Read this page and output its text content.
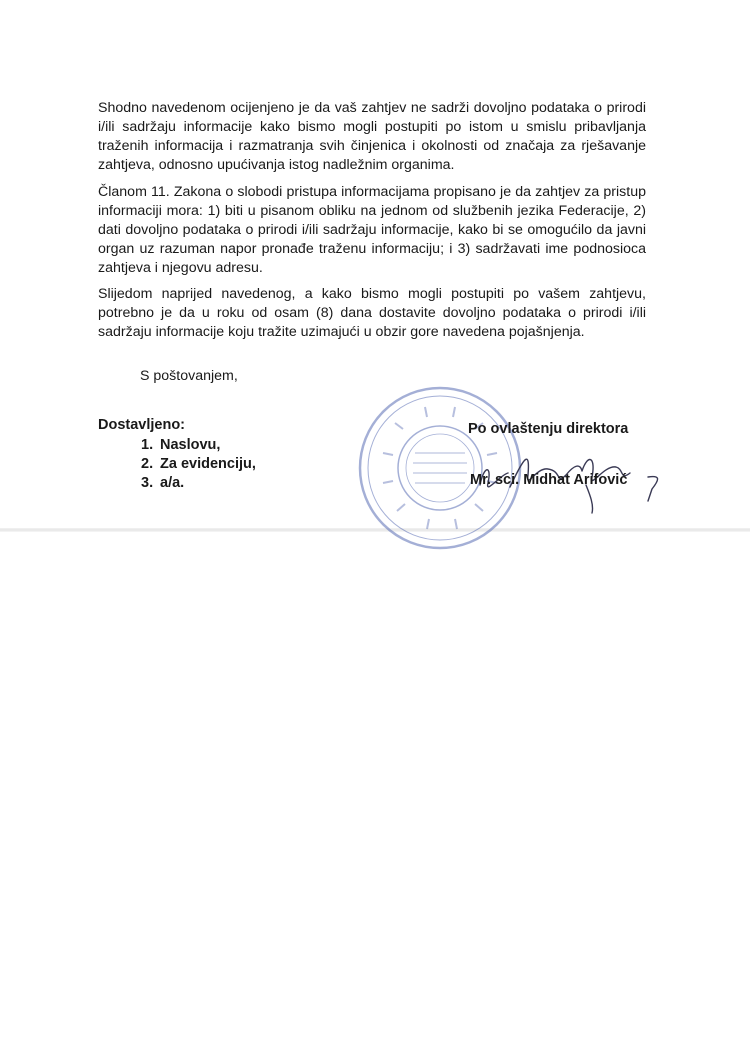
Shodno navedenom ocijenjeno je da vaš zahtjev ne sadrži dovoljno podataka o prirodi i/ili sadržaju informacije kako bismo mogli postupiti po istom u smislu pribavljanja traženih informacija i razmatranja svih činjenica i okolnosti od značaja za rješavanje zahtjeva, odnosno upućivanja istog nadležnim organima.

Članom 11. Zakona o slobodi pristupa informacijama propisano je da zahtjev za pristup informaciji mora: 1) biti u pisanom obliku na jednom od službenih jezika Federacije, 2) dati dovoljno podataka o prirodi i/ili sadržaju informacije, kako bi se omogućilo da javni organ uz razuman napor pronađe traženu informaciju; i 3) sadržavati ime podnosioca zahtjeva i njegovu adresu.

Slijedom naprijed navedenog, a kako bismo mogli postupiti po vašem zahtjevu, potrebno je da u roku od osam (8) dana dostavite dovoljno podataka o prirodi i/ili sadržaju informacije koju tražite uzimajući u obzir gore navedena pojašnjenja.

S poštovanjem,
Dostavljeno:
1. Naslovu,
2. Za evidenciju,
3. a/a.
Po ovlaštenju direktora
Mr. sci. Midhat Arifović
